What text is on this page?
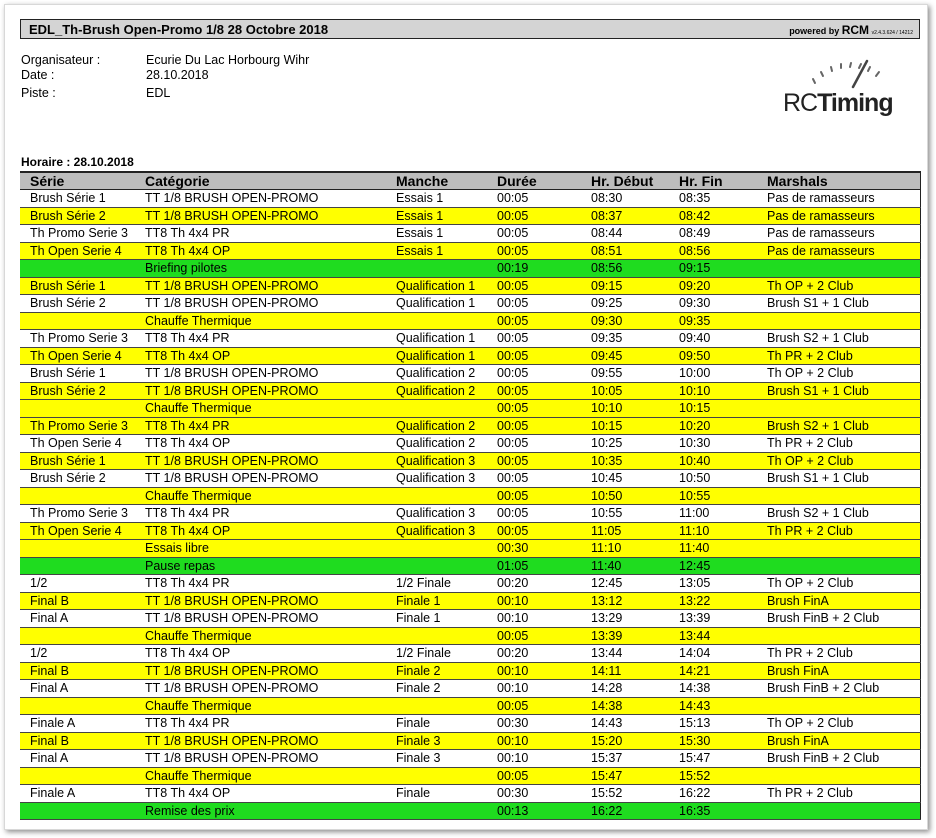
EDL_Th-Brush Open-Promo 1/8 28 Octobre 2018	powered by RCM v2.4.3.624 / 14212
Organisateur :	Ecurie Du Lac Horbourg Wihr
Date :	28.10.2018
Piste :	EDL	RCTiming
Horaire : 28.10.2018
Série	Catégorie	Manche	Durée	Hr. Début	Hr. Fin	Marshals
Brush Série 1	TT 1/8 BRUSH OPEN-PROMO	Essais 1	00:05	08:30	08:35	Pas de ramasseurs
Brush Série 2	TT 1/8 BRUSH OPEN-PROMO	Essais 1	00:05	08:37	08:42	Pas de ramasseurs
Th Promo Serie 3	TT8 Th 4x4 PR	Essais 1	00:05	08:44	08:49	Pas de ramasseurs
Th Open Serie 4	TT8 Th 4x4 OP	Essais 1	00:05	08:51	08:56	Pas de ramasseurs
	Briefing pilotes		00:19	08:56	09:15	
Brush Série 1	TT 1/8 BRUSH OPEN-PROMO	Qualification 1	00:05	09:15	09:20	Th OP + 2 Club
Brush Série 2	TT 1/8 BRUSH OPEN-PROMO	Qualification 1	00:05	09:25	09:30	Brush S1 + 1 Club
	Chauffe Thermique		00:05	09:30	09:35	
Th Promo Serie 3	TT8 Th 4x4 PR	Qualification 1	00:05	09:35	09:40	Brush S2 + 1 Club
Th Open Serie 4	TT8 Th 4x4 OP	Qualification 1	00:05	09:45	09:50	Th PR + 2 Club
Brush Série 1	TT 1/8 BRUSH OPEN-PROMO	Qualification 2	00:05	09:55	10:00	Th OP + 2 Club
Brush Série 2	TT 1/8 BRUSH OPEN-PROMO	Qualification 2	00:05	10:05	10:10	Brush S1 + 1 Club
	Chauffe Thermique		00:05	10:10	10:15	
Th Promo Serie 3	TT8 Th 4x4 PR	Qualification 2	00:05	10:15	10:20	Brush S2 + 1 Club
Th Open Serie 4	TT8 Th 4x4 OP	Qualification 2	00:05	10:25	10:30	Th PR + 2 Club
Brush Série 1	TT 1/8 BRUSH OPEN-PROMO	Qualification 3	00:05	10:35	10:40	Th OP + 2 Club
Brush Série 2	TT 1/8 BRUSH OPEN-PROMO	Qualification 3	00:05	10:45	10:50	Brush S1 + 1 Club
	Chauffe Thermique		00:05	10:50	10:55	
Th Promo Serie 3	TT8 Th 4x4 PR	Qualification 3	00:05	10:55	11:00	Brush S2 + 1 Club
Th Open Serie 4	TT8 Th 4x4 OP	Qualification 3	00:05	11:05	11:10	Th PR + 2 Club
	Essais libre		00:30	11:10	11:40	
	Pause repas		01:05	11:40	12:45	
1/2	TT8 Th 4x4 PR	1/2 Finale	00:20	12:45	13:05	Th OP + 2 Club
Final B	TT 1/8 BRUSH OPEN-PROMO	Finale 1	00:10	13:12	13:22	Brush FinA
Final A	TT 1/8 BRUSH OPEN-PROMO	Finale 1	00:10	13:29	13:39	Brush FinB + 2 Club
	Chauffe Thermique		00:05	13:39	13:44	
1/2	TT8 Th 4x4 OP	1/2 Finale	00:20	13:44	14:04	Th PR + 2 Club
Final B	TT 1/8 BRUSH OPEN-PROMO	Finale 2	00:10	14:11	14:21	Brush FinA
Final A	TT 1/8 BRUSH OPEN-PROMO	Finale 2	00:10	14:28	14:38	Brush FinB + 2 Club
	Chauffe Thermique		00:05	14:38	14:43	
Finale A	TT8 Th 4x4 PR	Finale	00:30	14:43	15:13	Th OP + 2 Club
Final B	TT 1/8 BRUSH OPEN-PROMO	Finale 3	00:10	15:20	15:30	Brush FinA
Final A	TT 1/8 BRUSH OPEN-PROMO	Finale 3	00:10	15:37	15:47	Brush FinB + 2 Club
	Chauffe Thermique		00:05	15:47	15:52	
Finale A	TT8 Th 4x4 OP	Finale	00:30	15:52	16:22	Th PR + 2 Club
	Remise des prix		00:13	16:22	16:35	
